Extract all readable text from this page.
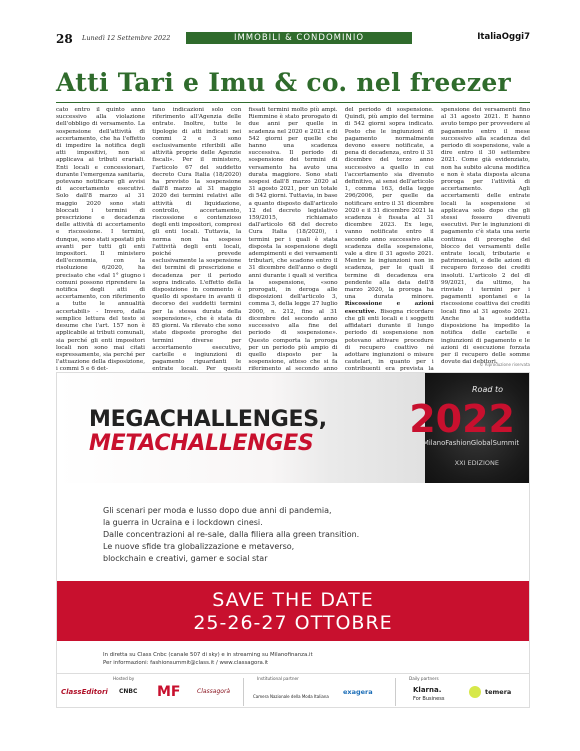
28 Lunedì 12 Settembre 2022	IMMOBILI & CONDOMINIO	ItaliaOggi7
Atti Tari e Imu & co. nel freezer

cato entro il quinto anno successivo alla violazione dell'obbligo di versamento. La sospensione dell'attività di accertamento, che ha l'effetto di impedire la notifica degli atti impositivi, non si applicava ai tributi erariali. Enti locali e concessionari, durante l'emergenza sanitaria, potevano notificare gli avvisi di accertamento esecutivi. Solo dall'8 marzo al 31 maggio 2020 sono stati bloccati i termini di prescrizione e decadenza delle attività di accertamento e riscossione. I termini, dunque, sono stati spostati più avanti per tutti gli enti impositori. Il ministero dell'economia, con la risoluzione 6/2020, ha precisato che «dal 1° giugno i comuni possono riprendere la notifica degli atti di accertamento, con riferimento a tutte le annualità accertabili» - Invero, dalla semplice lettura del testo si desume che l'art. 157 non è applicabile ai tributi comunali, sia perché gli enti impositori locali non sono mai citati espressamente, sia perché per l'attuazione della disposizione, i commi 5 e 6 det-

tano indicazioni solo con riferimento all'Agenzia delle entrate. Inoltre, tutte le tipologie di atti indicati nei commi 2 e 3 sono esclusivamente riferibili alle attività proprie delle Agenzie fiscali». Per il ministero, l'articolo 67 del suddetto decreto Cura Italia (18/2020) ha previsto la sospensione dall'8 marzo al 31 maggio 2020 dei termini relativi alle attività di liquidazione, controllo, accertamento, riscossione e contenzioso degli enti impositori, compresi gli enti locali. Tuttavia, la norma non ha sospeso l'attività degli enti locali, poiché prevede esclusivamente la sospensione dei termini di prescrizione e decadenza per il periodo sopra indicato. L'effetto della disposizione in commento è quello di spostare in avanti il decorso dei suddetti termini per la stessa durata della sospensione», che è stata di 85 giorni. Va rilevato che sono state disposte proroghe dei termini diverse per accertamento esecutivo, cartelle e ingiunzioni di pagamento riguardanti le entrate locali. Per questi

fissati termini molto più ampi. Riemmine è stato prorogato di due anni per quelle in scadenza nel 2020 e 2021 e di 542 giorni per quelle che hanno una scadenza successiva. Il periodo di sospensione dei termini di versamento ha avuto una durata maggiore. Sono stati sospesi dall'8 marzo 2020 al 31 agosto 2021, per un totale di 542 giorni. Tuttavia, in base a quanto disposto dall'articolo 12 del decreto legislativo 159/2015, richiamato dall'articolo 68 del decreto Cura Italia (18/2020), i termini per i quali è stata disposta la sospensione degli adempimenti e dei versamenti tributari, che scadono entro il 31 dicembre dell'anno o degli anni durante i quali si verifica la sospensione, «sono prorogati, in deroga alle disposizioni dell'articolo 3, comma 3, della legge 27 luglio 2000, n. 212, fino al 31 dicembre del secondo anno successivo alla fine del periodo di sospensione». Questo comporta la proroga per un periodo più ampio di quello disposto per la sospensione, atteso che si fa riferimento al secondo anno

del periodo di sospensione. Quindi, più ampio del termine di 542 giorni sopra indicato. Posto che le ingiunzioni di pagamento normalmente devono essere notificate, a pena di decadenza, entro il 31 dicembre del terzo anno successivo a quello in cui l'accertamento sia divenuto definitivo, ai sensi dell'articolo 1, comma 163, della legge 296/2006, per quelle da notificare entro il 31 dicembre 2020 e il 31 dicembre 2021 la scadenza è fissata al 31 dicembre 2023. Ex lege, vanno notificate entro il secondo anno successivo alla scadenza della sospensione, vale a dire il 31 agosto 2021. Mentre le ingiunzioni non in scadenza, per le quali il termine di decadenza era pendente alla data dell'8 marzo 2020, la proroga ha una durata minore. Riscossione e azioni esecutive. Bisogna ricordare che gli enti locali e i soggetti affidatari durante il lungo periodo di sospensione non potevano attivare procedure di recupero coattivo né adottare ingiunzioni o misure cautelari, in quanto per i contribuenti era prevista la

spensione dei versamenti fino al 31 agosto 2021. E hanno avuto tempo per provvedere al pagamento entro il mese successivo alla scadenza del periodo di sospensione, vale a dire entro il 30 settembre 2021. Come già evidenziato, non ha subito alcuna modifica e non è stata disposta alcuna proroga per l'attività di accertamento. Agli accertamenti delle entrate locali la sospensione si applicava solo dopo che gli stessi fossero divenuti esecutivi. Per le ingiunzioni di pagamento c'è stata una serie continua di proroghe del blocco dei versamenti delle entrate locali, tributarie e patrimoniali, e delle azioni di recupero forzoso dei crediti insoluti. L'articolo 2 del dl 99/2021, da ultimo, ha rinviato i termini per i pagamenti spontanei e la riscossione coattiva dei crediti locali fino al 31 agosto 2021. Anche la suddetta disposizione ha impedito la notifica delle cartelle e ingiunzioni di pagamento e le azioni di esecuzione forzata per il recupero delle somme dovute dai debitori.

© Riproduzione riservata
MEGACHALLENGES,
METACHALLENGES
Road to
2022
MilanoFashionGlobalSummit
XXI EDIZIONE
Gli scenari per moda e lusso dopo due anni di pandemia,
la guerra in Ucraina e i lockdown cinesi.
Dalle concentrazioni al re-sale, dalla filiera alla green transition.
Le nuove sfide tra globalizzazione e metaverso,
blockchain e creativi, gamer e social star
SAVE THE DATE
25-26-27 OTTOBRE
In diretta su Class Cnbc (canale 507 di sky) e in streaming su Milanofinanza.it
Per informazioni: fashionsummit@class.it / www.classagora.it
Hosted by	Institutional partner	Daily partners
ClassEditori CNBC MF	Classagorà
Camera Nazionale della Moda Italiana
exagera	Klarna.
For Business
temera
